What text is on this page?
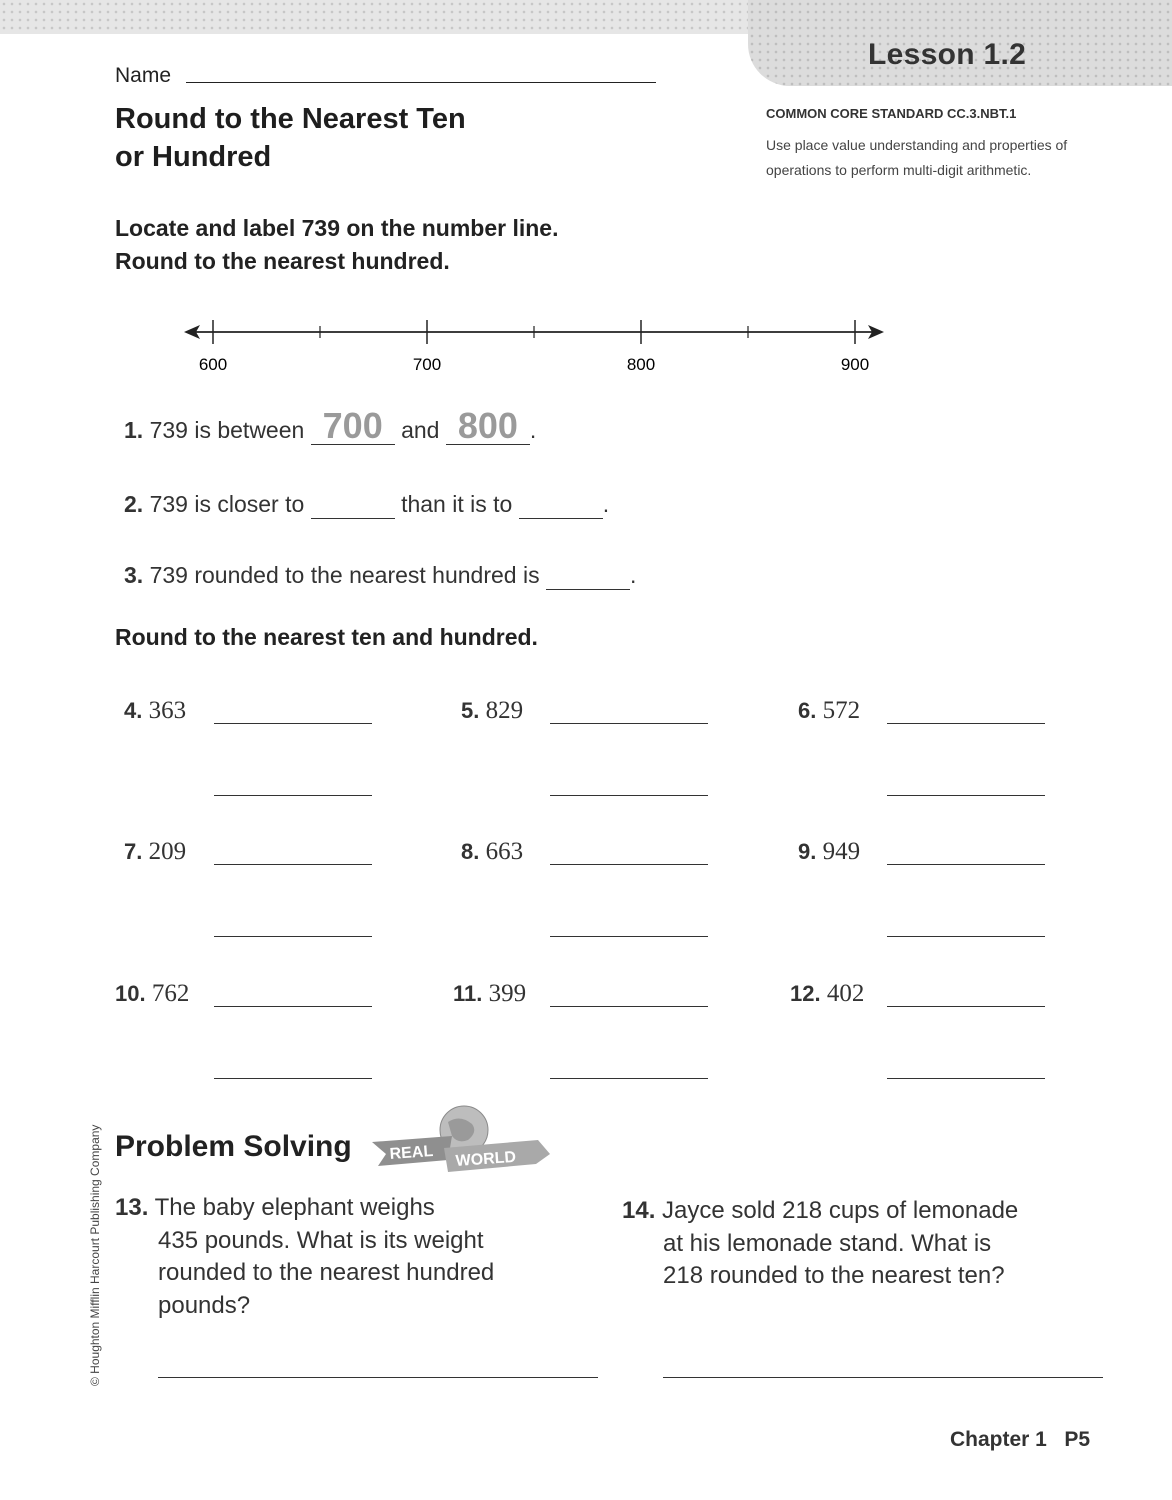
Lesson 1.2
Name
Round to the Nearest Ten
or Hundred
COMMON CORE STANDARD CC.3.NBT.1
Use place value understanding and properties of operations to perform multi-digit arithmetic.
Locate and label 739 on the number line.
Round to the nearest hundred.
600	700	800	900
1. 739 is between 700 and 800 .
2. 739 is closer to	than it is to	.
3. 739 rounded to the nearest hundred is	.
Round to the nearest ten and hundred.
4. 363	5. 829	6. 572
7. 209	8. 663	9. 949
10. 762	11. 399	12. 402
Problem Solving REAL WORLD
13. The baby elephant weighs
435 pounds. What is its weight
rounded to the nearest hundred
pounds?
14. Jayce sold 218 cups of lemonade
at his lemonade stand. What is
218 rounded to the nearest ten?
© Houghton Mifflin Harcourt Publishing Company
Chapter 1   P5
